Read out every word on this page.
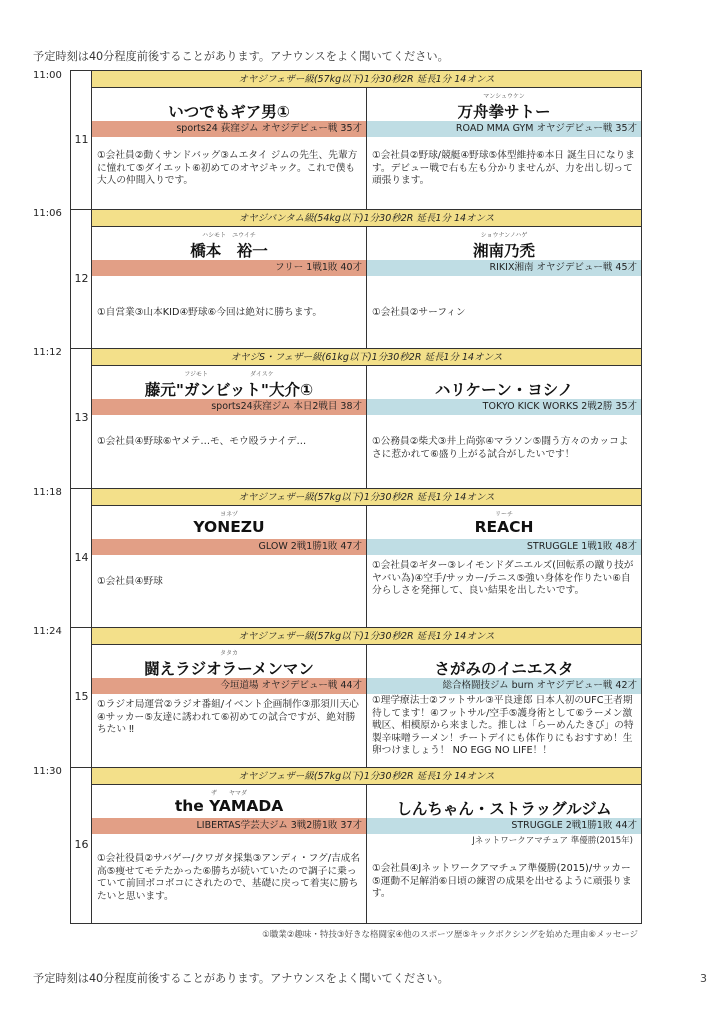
予定時刻は40分程度前後することがあります。アナウンスをよく聞いてください。
11:00
11:06
11:12
11:18
11:24
11:30
11
オヤジフェザー級(57kg以下)1分30秒2R 延長1分 14オンス
いつでもギア男①
sports24 荻窪ジム オヤジデビュー戦 35才
①会社員②動くサンドバッグ③ムエタイ ジムの先生、先輩方に憧れて⑤ダイエット⑥初めてのオヤジキック。これで僕も大人の仲間入りです。
マンシュウケン
万舟拳サトー
ROAD MMA GYM オヤジデビュー戦 35才
①会社員②野球/競艇④野球⑤体型維持⑥本日 誕生日になります。デビュー戦で右も左も分かりませんが、力を出し切って頑張ります。
12
オヤジバンタム級(54kg以下)1分30秒2R 延長1分 14オンス
ハシモト　ユウイチ
橋本　裕一
フリー 1戦1敗 40才
①自営業③山本KID④野球⑥今回は絶対に勝ちます。
ショウナンノハゲ
湘南乃禿
RIKIX湘南 オヤジデビュー戦 45才
①会社員②サーフィン
13
オヤジS・フェザー級(61kg以下)1分30秒2R 延長1分 14オンス
フジモト　　　　　　　ダイスケ
藤元"ガンビット"大介①
sports24荻窪ジム 本日2戦目 38才
①会社員④野球⑥ヤメテ…モ、モウ殴ラナイデ…
ハリケーン・ヨシノ
TOKYO KICK WORKS 2戦2勝 35才
①公務員②柴犬③井上尚弥④マラソン⑤闘う方々のカッコよさに惹かれて⑥盛り上がる試合がしたいです！
14
オヤジフェザー級(57kg以下)1分30秒2R 延長1分 14オンス
ヨネヅ
YONEZU
GLOW 2戦1勝1敗 47才
①会社員④野球
リーチ
REACH
STRUGGLE 1戦1敗 48才
①会社員②ギター③レイモンドダニエルズ(回転系の蹴り技がヤバい為)④空手/サッカー/テニス⑤強い身体を作りたい⑥自分らしさを発揮して、良い結果を出したいです。
15
オヤジフェザー級(57kg以下)1分30秒2R 延長1分 14オンス
タタカ
闘えラジオラーメンマン
今垣道場 オヤジデビュー戦 44才
①ラジオ局運営②ラジオ番組/イベント企画制作③那須川天心④サッカー⑤友達に誘われて⑥初めての試合ですが、絶対勝ちたい ‼
さがみのイニエスタ
総合格闘技ジム burn オヤジデビュー戦 42才
①理学療法士②フットサル③平良達郎 日本人初のUFC王者期待してます！④フットサル/空手⑤護身術として⑥ラーメン激戦区、相模原から来ました。推しは「らーめんたきび」の特製辛味噌ラーメン！チートデイにも体作りにもおすすめ！生卵つけましょう！ NO EGG NO LIFE！！
16
オヤジフェザー級(57kg以下)1分30秒2R 延長1分 14オンス
ザ　　ヤマダ
the YAMADA
LIBERTAS学芸大ジム 3戦2勝1敗 37才
①会社役員②サバゲー/クワガタ採集③アンディ・フグ/吉成名高⑤痩せてモテたかった⑥勝ちが続いていたので調子に乗っていて前回ボコボコにされたので、基礎に戻って着実に勝ちたいと思います。
しんちゃん・ストラッグルジム
STRUGGLE 2戦1勝1敗 44才
Jネットワークアマチュア 準優勝(2015年)
①会社員④Jネットワークアマチュア準優勝(2015)/サッカー⑤運動不足解消⑥日頃の練習の成果を出せるように頑張ります。
①職業②趣味・特技③好きな格闘家④他のスポーツ歴⑤キックボクシングを始めた理由⑥メッセージ
予定時刻は40分程度前後することがあります。アナウンスをよく聞いてください。	3
